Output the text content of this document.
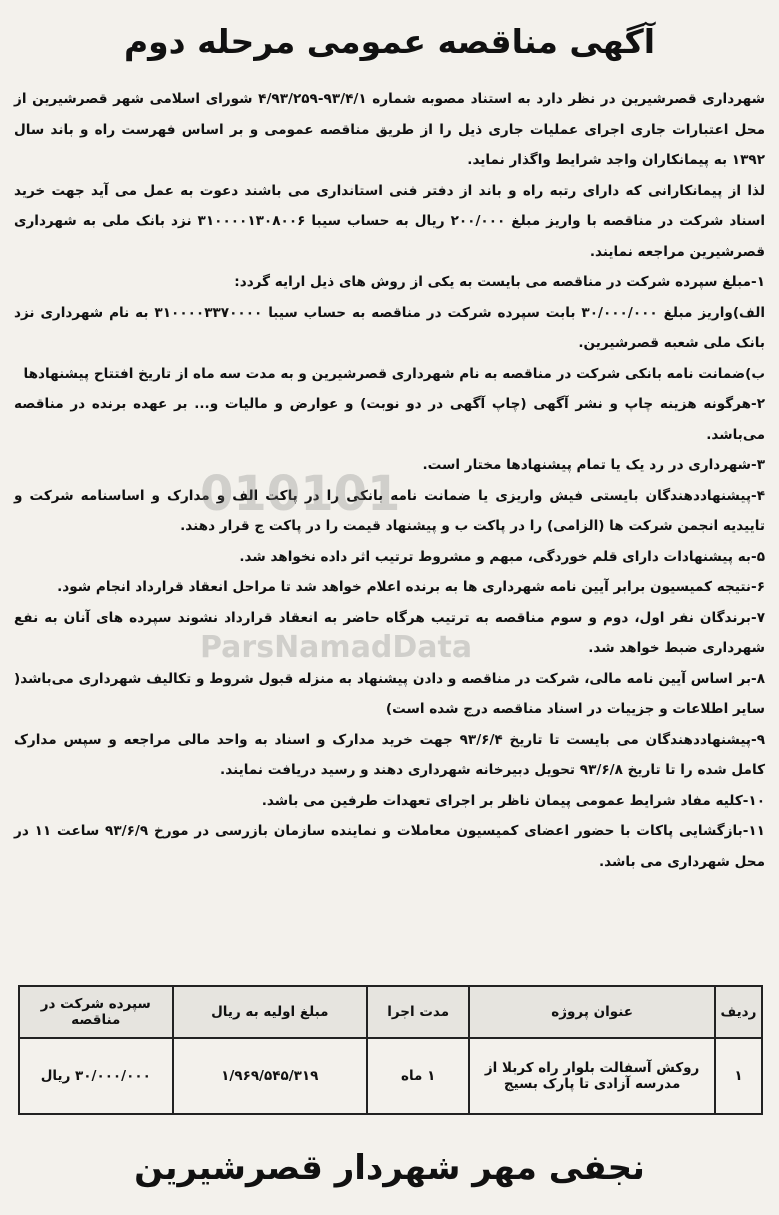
آگهی مناقصه عمومی مرحله دوم

شهرداری قصرشیرین در نظر دارد به استناد مصوبه شماره ۹۳/۴/۱-۴/۹۳/۲۵۹ شورای اسلامی شهر قصرشیرین از محل اعتبارات جاری اجرای عملیات جاری ذیل را از طریق مناقصه عمومی و بر اساس فهرست راه و باند سال ۱۳۹۲ به پیمانکاران واجد شرایط واگذار نماید.

لذا از پیمانکارانی که دارای رتبه راه و باند از دفتر فنی استانداری می باشند دعوت به عمل می آید جهت خرید اسناد شرکت در مناقصه با واریز مبلغ ۲۰۰/۰۰۰ ریال به حساب سیبا ۳۱۰۰۰۰۱۳۰۸۰۰۶ نزد بانک ملی به شهرداری قصرشیرین مراجعه نمایند.

۱-مبلغ سپرده شرکت در مناقصه می بایست به یکی از روش های ذیل ارایه گردد:

الف)واریز مبلغ ۳۰/۰۰۰/۰۰۰ بابت سپرده شرکت در مناقصه به حساب سیبا ۳۱۰۰۰۰۳۳۷۰۰۰۰ به نام شهرداری نزد بانک ملی شعبه قصرشیرین.

ب)ضمانت نامه بانکی شرکت در مناقصه به نام شهرداری قصرشیرین و به مدت سه ماه از تاریخ افتتاح پیشنهادها

۲-هرگونه هزینه چاپ و نشر آگهی (چاپ آگهی در دو نوبت) و عوارض و مالیات و... بر عهده برنده در مناقصه می‌باشد.

۳-شهرداری در رد یک یا تمام پیشنهادها مختار است.

۴-پیشنهاددهندگان بایستی فیش واریزی یا ضمانت نامه بانکی را در پاکت الف و مدارک و اساسنامه شرکت و تاییدیه انجمن شرکت ها (الزامی) را در پاکت ب و پیشنهاد قیمت را در پاکت ج قرار دهند.

۵-به پیشنهادات دارای قلم خوردگی، مبهم و مشروط ترتیب اثر داده نخواهد شد.

۶-نتیجه کمیسیون برابر آیین نامه شهرداری ها به برنده اعلام خواهد شد تا مراحل انعقاد قرارداد انجام شود.

۷-برندگان نفر اول، دوم و سوم مناقصه به ترتیب هرگاه حاضر به انعقاد قرارداد نشوند سپرده های آنان به نفع شهرداری ضبط خواهد شد.

۸-بر اساس آیین نامه مالی، شرکت در مناقصه و دادن پیشنهاد به منزله قبول شروط و تکالیف شهرداری می‌باشد( سایر اطلاعات و جزییات در اسناد مناقصه درج شده است)

۹-پیشنهاددهندگان می بایست تا تاریخ ۹۳/۶/۴ جهت خرید مدارک و اسناد به واحد مالی مراجعه و سپس مدارک کامل شده را تا تاریخ ۹۳/۶/۸ تحویل دبیرخانه شهرداری دهند و رسید دریافت نمایند.

۱۰-کلیه مفاد شرایط عمومی پیمان ناظر بر اجرای تعهدات طرفین می باشد.

۱۱-بازگشایی پاکات با حضور اعضای کمیسیون معاملات و نماینده سازمان بازرسی در مورخ ۹۳/۶/۹ ساعت ۱۱ در محل شهرداری می باشد.

010101
ParsNamadData
ردیف	عنوان پروژه	مدت اجرا	مبلغ اولیه به ریال	سپرده شرکت در مناقصه
۱	روکش آسفالت بلوار راه کربلا از مدرسه آزادی تا پارک بسیج	۱ ماه	۱/۹۶۹/۵۴۵/۳۱۹	۳۰/۰۰۰/۰۰۰ ریال
نجفی مهر شهردار قصرشیرین
